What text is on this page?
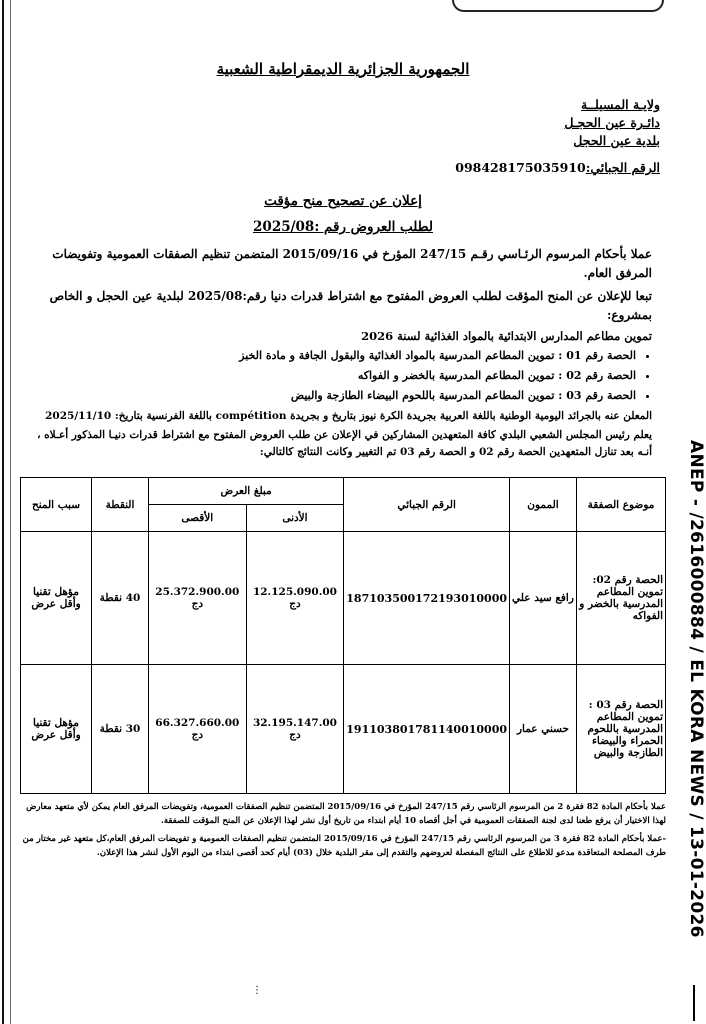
ANEP - /2616000884 / EL KORA NEWS / 13-01-2026
الجمهورية الجزائرية الديمقراطية الشعبية
ولايـة المسيلــة
دائـرة عين الحجـل
بلدية عين الحجل
الرقم الجبائي:098428175035910
إعلان عن تصحيح منح مؤقت
لطلب العروض رقم :2025/08

عملا بأحكام المرسوم الرئـاسي رقـم 247/15 المؤرخ في 2015/09/16 المتضمن تنظيم الصفقات العمومية وتفويضات المرفق العام.

تبعا للإعلان عن المنح المؤقت لطلب العروض المفتوح مع اشتراط قدرات دنيا رقم:2025/08 لبلدية عين الحجل و الخاص بمشروع:

تموين مطاعم المدارس الابتدائية بالمواد الغذائية لسنة 2026

• الحصة رقم 01 : تموين المطاعم المدرسية بالمواد الغذائية والبقول الجافة و مادة الخبز
• الحصة رقم 02 : تموين المطاعم المدرسية بالخضر و الفواكه
• الحصة رقم 03 : تموين المطاعم المدرسية باللحوم البيضاء الطازجة والبيض

المعلن عنه بالجرائد اليومية الوطنية باللغة العربية بجريدة الكرة نيوز بتاريخ و بجريدة compétition باللغة الفرنسية بتاريخ: 2025/11/10

يعلم رئيس المجلس الشعبي البلدي كافة المتعهدين المشاركين في الإعلان عن طلب العروض المفتوح مع اشتراط قدرات دنيـا المذكور أعـلاه ، أنـه بعد تنازل المتعهدين الحصة رقم 02 و الحصة رقم 03 تم التغيير وكانت النتائج كالتالي:

موضوع الصفقة	الممون	الرقم الجبائي	مبلغ العرض		النقطة	سبب المنح
			الأدنى	الأقصى		
الحصة رقم 02: تموين المطاعم المدرسية بالخضر و الفواكه	رافع سيد علي	187103500172193010000	12.125.090.00 دج	25.372.900.00 دج	40 نقطة	مؤهل تقنيا وأقل عرض
الحصة رقم 03 : تموين المطاعم المدرسية باللحوم الحمراء والبيضاء الطازجة والبيض	حسني عمار	191103801781140010000	32.195.147.00 دج	66.327.660.00 دج	30 نقطة	مؤهل تقنيا وأقل عرض

عملا بأحكام المادة 82 فقرة 2 من المرسوم الرئاسي رقم 247/15 المؤرخ في 2015/09/16 المتضمن تنظيم الصفقات العمومية، وتفويضات المرفق العام يمكن لأي متعهد معارض لهذا الاختيار أن يرفع طعنا لدى لجنة الصفقات العمومية في أجل أقصاه 10 أيام ابتداء من تاريخ أول نشر لهذا الإعلان عن المنح المؤقت للصفقة.

-عملا بأحكام المادة 82 فقرة 3 من المرسوم الرئاسي رقم 247/15 المؤرخ في 2015/09/16 المتضمن تنظيم الصفقات العمومية و تفويضات المرفق العام،كل متعهد غير مختار من طرف المصلحة المتعاقدة مدعو للاطلاع على النتائج المفصلة لعروضهم والتقدم إلى مقر البلدية خلال (03) أيام كحد أقصى ابتداء من اليوم الأول لنشر هذا الإعلان.

⋮
